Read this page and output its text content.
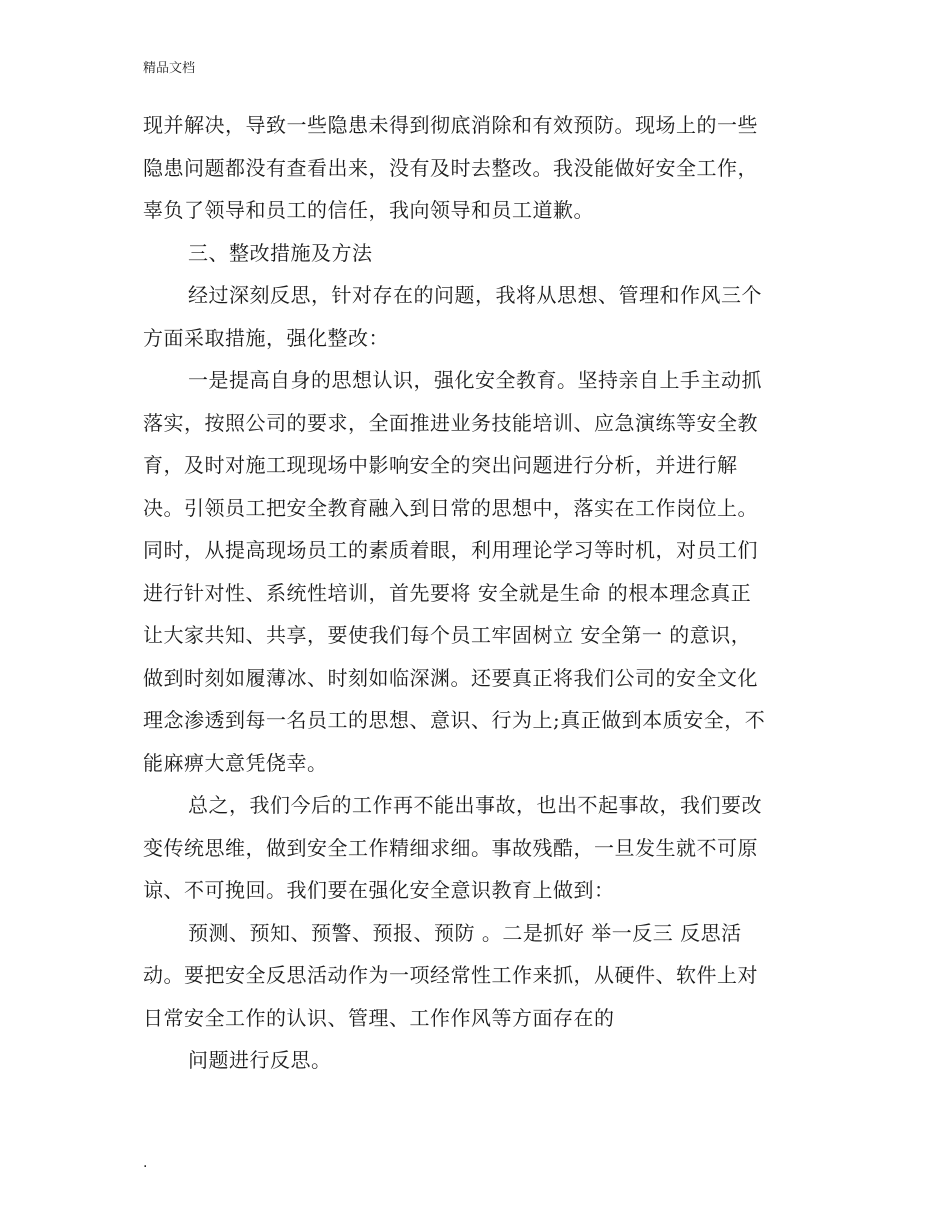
精品文档
现并解决，导致一些隐患未得到彻底消除和有效预防。现场上的一些
隐患问题都没有查看出来，没有及时去整改。我没能做好安全工作，
辜负了领导和员工的信任，我向领导和员工道歉。
三、整改措施及方法
经过深刻反思，针对存在的问题，我将从思想、管理和作风三个
方面采取措施，强化整改：
一是提高自身的思想认识，强化安全教育。坚持亲自上手主动抓
落实，按照公司的要求，全面推进业务技能培训、应急演练等安全教
育，及时对施工现现场中影响安全的突出问题进行分析，并进行解
决。引领员工把安全教育融入到日常的思想中，落实在工作岗位上。
同时，从提高现场员工的素质着眼，利用理论学习等时机，对员工们
进行针对性、系统性培训，首先要将 安全就是生命 的根本理念真正
让大家共知、共享，要使我们每个员工牢固树立 安全第一 的意识，
做到时刻如履薄冰、时刻如临深渊。还要真正将我们公司的安全文化
理念渗透到每一名员工的思想、意识、行为上;真正做到本质安全，不
能麻痹大意凭侥幸。
总之，我们今后的工作再不能出事故，也出不起事故，我们要改
变传统思维，做到安全工作精细求细。事故残酷，一旦发生就不可原
谅、不可挽回。我们要在强化安全意识教育上做到：
预测、预知、预警、预报、预防 。二是抓好 举一反三 反思活
动。要把安全反思活动作为一项经常性工作来抓，从硬件、软件上对
日常安全工作的认识、管理、工作作风等方面存在的
问题进行反思。
.
